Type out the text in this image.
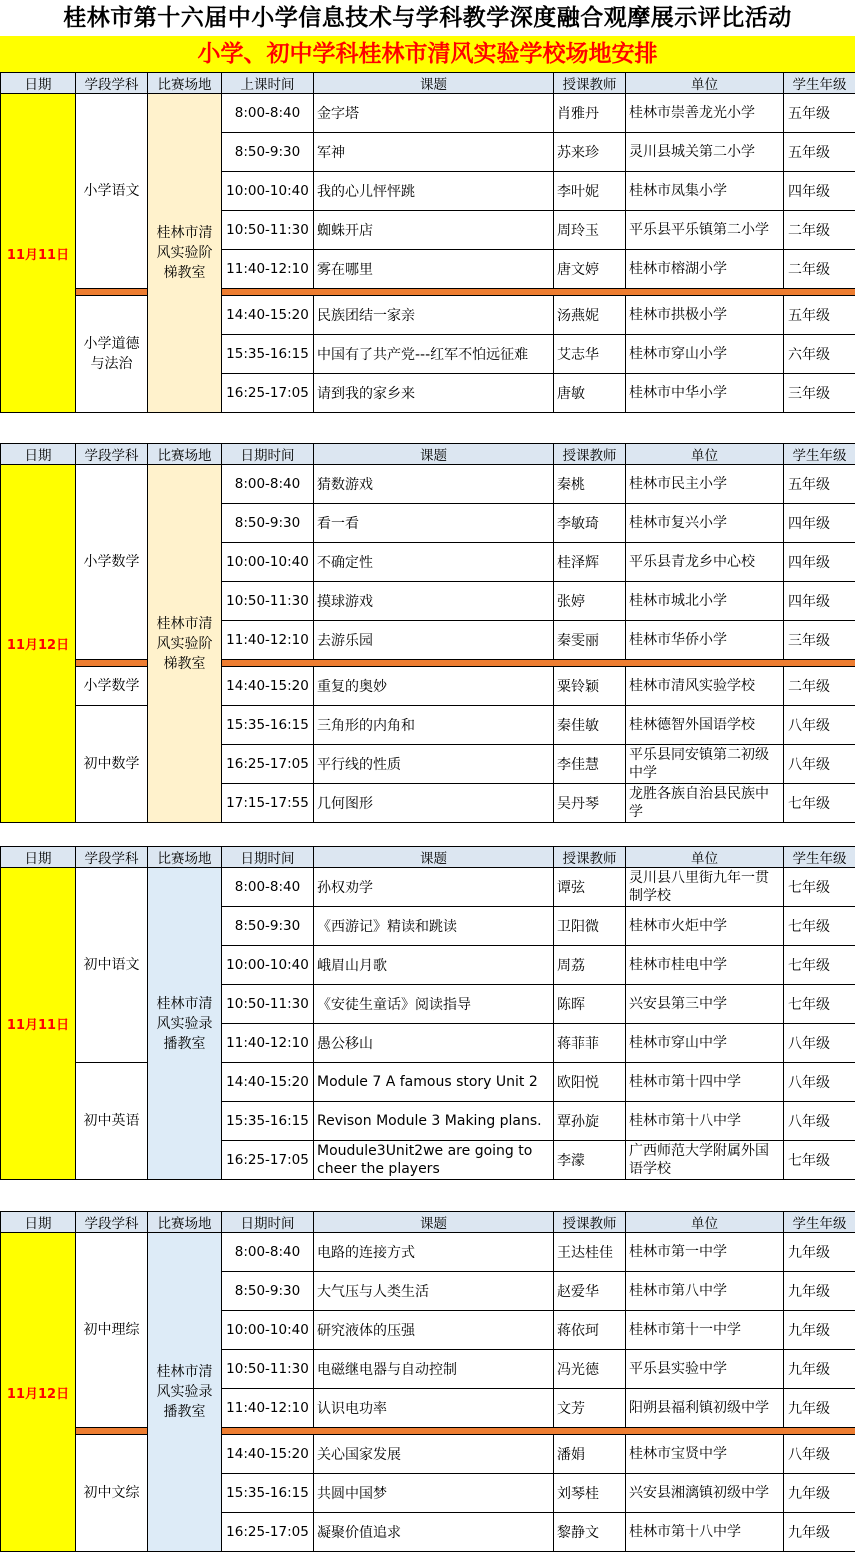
桂林市第十六届中小学信息技术与学科教学深度融合观摩展示评比活动
小学、初中学科桂林市清风实验学校场地安排
日期	学段学科	比赛场地	上课时间	课题	授课教师	单位	学生年级
11月11日	小学语文	桂林市清风实验阶梯教室	8:00-8:40	金字塔	肖雅丹	桂林市崇善龙光小学	五年级
			8:50-9:30	军神	苏来珍	灵川县城关第二小学	五年级
			10:00-10:40	我的心儿怦怦跳	李叶妮	桂林市凤集小学	四年级
			10:50-11:30	蜘蛛开店	周玲玉	平乐县平乐镇第二小学	二年级
			11:40-12:10	雾在哪里	唐文婷	桂林市榕湖小学	二年级

	小学道德与法治		14:40-15:20	民族团结一家亲	汤燕妮	桂林市拱极小学	五年级
			15:35-16:15	中国有了共产党---红军不怕远征难	艾志华	桂林市穿山小学	六年级
			16:25-17:05	请到我的家乡来	唐敏	桂林市中华小学	三年级
日期	学段学科	比赛场地	日期时间	课题	授课教师	单位	学生年级
11月12日	小学数学	桂林市清风实验阶梯教室	8:00-8:40	猜数游戏	秦桃	桂林市民主小学	五年级
			8:50-9:30	看一看	李敏琦	桂林市复兴小学	四年级
			10:00-10:40	不确定性	桂泽辉	平乐县青龙乡中心校	四年级
			10:50-11:30	摸球游戏	张婷	桂林市城北小学	四年级
			11:40-12:10	去游乐园	秦雯丽	桂林市华侨小学	三年级

	小学数学		14:40-15:20	重复的奥妙	粟铃颖	桂林市清风实验学校	二年级
	初中数学		15:35-16:15	三角形的内角和	秦佳敏	桂林德智外国语学校	八年级
			16:25-17:05	平行线的性质	李佳慧	平乐县同安镇第二初级中学	八年级
			17:15-17:55	几何图形	吴丹琴	龙胜各族自治县民族中学	七年级
日期	学段学科	比赛场地	日期时间	课题	授课教师	单位	学生年级
11月11日	初中语文	桂林市清风实验录播教室	8:00-8:40	孙权劝学	谭弦	灵川县八里街九年一贯制学校	七年级
			8:50-9:30	《西游记》精读和跳读	卫阳微	桂林市火炬中学	七年级
			10:00-10:40	峨眉山月歌	周荔	桂林市桂电中学	七年级
			10:50-11:30	《安徒生童话》阅读指导	陈晖	兴安县第三中学	七年级
			11:40-12:10	愚公移山	蒋菲菲	桂林市穿山中学	八年级
	初中英语		14:40-15:20	Module 7 A famous story Unit 2	欧阳悦	桂林市第十四中学	八年级
			15:35-16:15	Revison Module 3 Making plans.	覃孙旋	桂林市第十八中学	八年级
			16:25-17:05	Moudule3Unit2we are going to cheer the players	李濛	广西师范大学附属外国语学校	七年级
日期	学段学科	比赛场地	日期时间	课题	授课教师	单位	学生年级
11月12日	初中理综	桂林市清风实验录播教室	8:00-8:40	电路的连接方式	王达桂佳	桂林市第一中学	九年级
			8:50-9:30	大气压与人类生活	赵爱华	桂林市第八中学	九年级
			10:00-10:40	研究液体的压强	蒋依珂	桂林市第十一中学	九年级
			10:50-11:30	电磁继电器与自动控制	冯光德	平乐县实验中学	九年级
			11:40-12:10	认识电功率	文芳	阳朔县福利镇初级中学	九年级

	初中文综		14:40-15:20	关心国家发展	潘娟	桂林市宝贤中学	八年级
			15:35-16:15	共圆中国梦	刘琴桂	兴安县湘漓镇初级中学	九年级
			16:25-17:05	凝聚价值追求	黎静文	桂林市第十八中学	九年级
